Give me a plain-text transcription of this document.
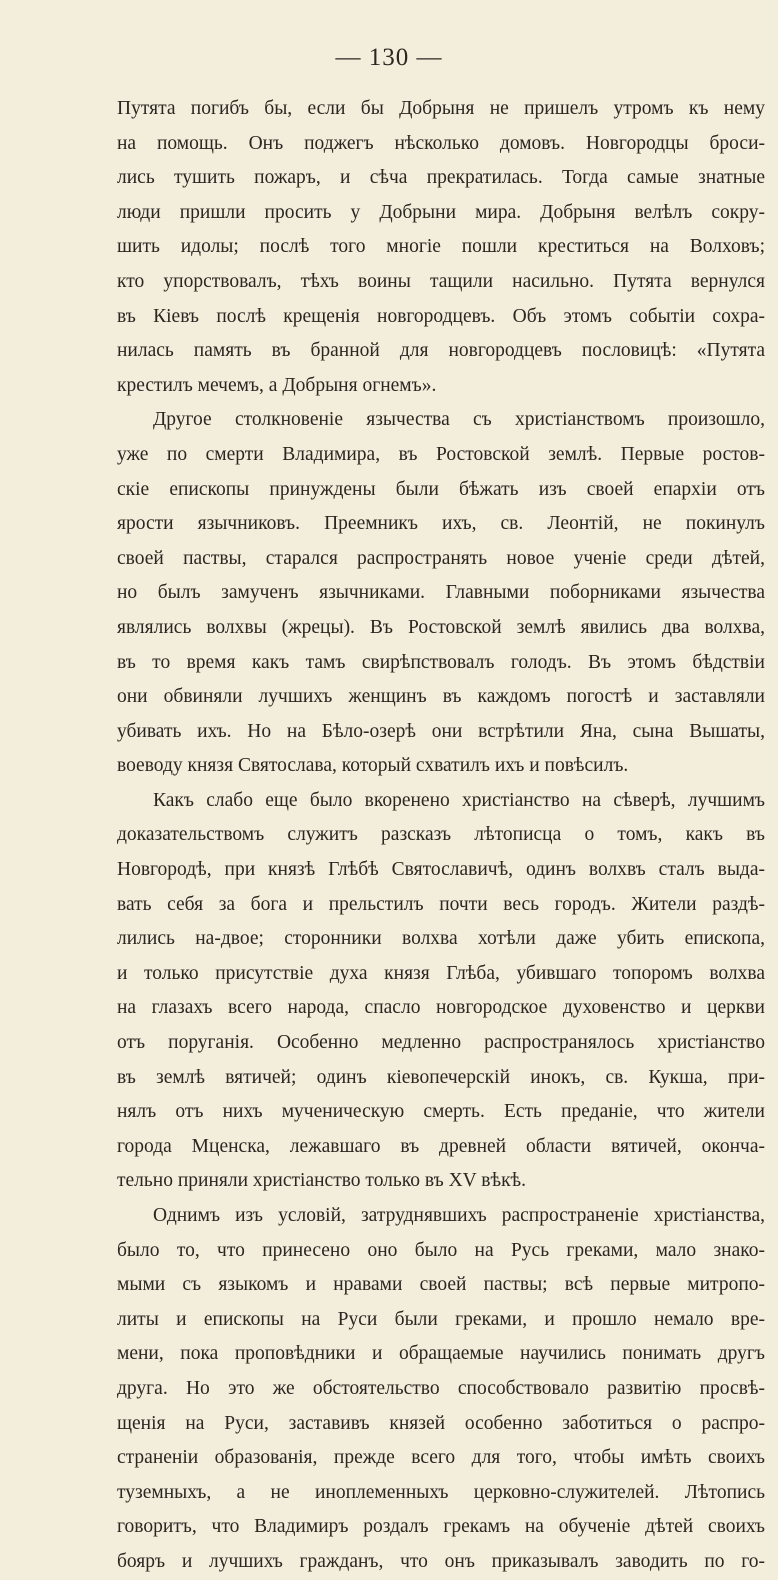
— 130 —
Путята погибъ бы, если бы Добрыня не пришелъ утромъ къ нему
на помощь. Онъ поджегъ нѣсколько домовъ. Новгородцы броси-
лись тушить пожаръ, и сѣча прекратилась. Тогда самые знатные
люди пришли просить у Добрыни мира. Добрыня велѣлъ сокру-
шить идолы; послѣ того многіе пошли креститься на Волховъ;
кто упорствовалъ, тѣхъ воины тащили насильно. Путята вернулся
въ Кіевъ послѣ крещенія новгородцевъ. Объ этомъ событіи сохра-
нилась память въ бранной для новгородцевъ пословицѣ: «Путята
крестилъ мечемъ, а Добрыня огнемъ».
Другое столкновеніе язычества съ христіанствомъ произошло,
уже по смерти Владимира, въ Ростовской землѣ. Первые ростов-
скіе епископы принуждены были бѣжать изъ своей епархіи отъ
ярости язычниковъ. Преемникъ ихъ, св. Леонтій, не покинулъ
своей паствы, старался распространять новое ученіе среди дѣтей,
но былъ замученъ язычниками. Главными поборниками язычества
являлись волхвы (жрецы). Въ Ростовской землѣ явились два волхва,
въ то время какъ тамъ свирѣпствовалъ голодъ. Въ этомъ бѣдствіи
они обвиняли лучшихъ женщинъ въ каждомъ погостѣ и заставляли
убивать ихъ. Но на Бѣло-озерѣ они встрѣтили Яна, сына Вышаты,
воеводу князя Святослава, который схватилъ ихъ и повѣсилъ.
Какъ слабо еще было вкоренено христіанство на сѣверѣ, лучшимъ
доказательствомъ служитъ разсказъ лѣтописца о томъ, какъ въ
Новгородѣ, при князѣ Глѣбѣ Святославичѣ, одинъ волхвъ сталъ выда-
вать себя за бога и прельстилъ почти весь городъ. Жители раздѣ-
лились на-двое; сторонники волхва хотѣли даже убить епископа,
и только присутствіе духа князя Глѣба, убившаго топоромъ волхва
на глазахъ всего народа, спасло новгородское духовенство и церкви
отъ поруганія. Особенно медленно распространялось христіанство
въ землѣ вятичей; одинъ кіевопечерскій инокъ, св. Кукша, при-
нялъ отъ нихъ мученическую смерть. Есть преданіе, что жители
города Мценска, лежавшаго въ древней области вятичей, оконча-
тельно приняли христіанство только въ XV вѣкѣ.
Однимъ изъ условій, затруднявшихъ распространеніе христіанства,
было то, что принесено оно было на Русь греками, мало знако-
мыми съ языкомъ и нравами своей паствы; всѣ первые митропо-
литы и епископы на Руси были греками, и прошло немало вре-
мени, пока проповѣдники и обращаемые научились понимать другъ
друга. Но это же обстоятельство способствовало развитію просвѣ-
щенія на Руси, заставивъ князей особенно заботиться о распро-
страненіи образованія, прежде всего для того, чтобы имѣть своихъ
туземныхъ, а не иноплеменныхъ церковно-служителей. Лѣтопись
говоритъ, что Владимиръ роздалъ грекамъ на обученіе дѣтей своихъ
бояръ и лучшихъ гражданъ, что онъ приказывалъ заводить по го-
